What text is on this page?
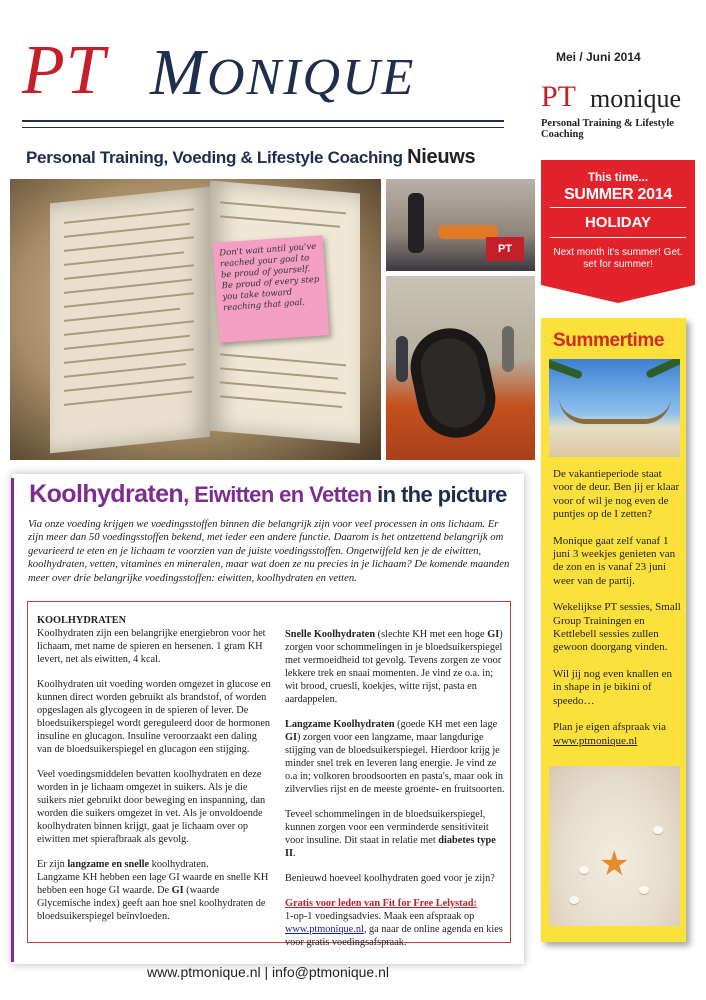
PT MONIQUE	Mei / Juni 2014
PT monique
Personal Training & Lifestyle Coaching
Personal Training, Voeding & Lifestyle Coaching Nieuws
Don't wait until you've reached your goal to be proud of yourself. Be proud of every step you take toward reaching that goal.
PT
This time...
SUMMER 2014
HOLIDAY
Next month it's summer! Get. set for summer!
Summertime

De vakantieperiode staat voor de deur. Ben jij er klaar voor of wil je nog even de puntjes op de I zetten?

Monique gaat zelf vanaf 1 juni 3 weekjes genieten van de zon en is vanaf 23 juni weer van de partij.

Wekelijkse PT sessies, Small Group Trainingen en Kettlebell sessies zullen gewoon doorgang vinden.

Wil jij nog even knallen en in shape in je bikini of speedo…

Plan je eigen afspraak via
www.ptmonique.nl

★
Koolhydraten, Eiwitten en Vetten in the picture
Via onze voeding krijgen we voedingsstoffen binnen die belangrijk zijn voor veel processen in ons lichaam. Er zijn meer dan 50 voedingsstoffen bekend, met ieder een andere functie. Daarom is het ontzettend belangrijk om gevarieerd te eten en je lichaam te voorzien van de juiste voedingsstoffen. Ongetwijfeld ken je de eiwitten, koolhydraten, vetten, vitamines en mineralen, maar wat doen ze nu precies in je lichaam? De komende maanden meer over drie belangrijke voedingsstoffen: eiwitten, koolhydraten en vetten.
KOOLHYDRATEN

Koolhydraten zijn een belangrijke energiebron voor het lichaam, met name de spieren en hersenen. 1 gram KH levert, net als eiwitten, 4 kcal.

Koolhydraten uit voeding worden omgezet in glucose en kunnen direct worden gebruikt als brandstof, of worden opgeslagen als glycogeen in de spieren of lever. De bloedsuikerspiegel wordt gereguleerd door de hormonen insuline en glucagon. Insuline veroorzaakt een daling van de bloedsuikerspiegel en glucagon een stijging.

Veel voedingsmiddelen bevatten koolhydraten en deze worden in je lichaam omgezet in suikers. Als je die suikers niet gebruikt door beweging en inspanning, dan worden die suikers omgezet in vet. Als je onvoldoende koolhydraten binnen krijgt, gaat je lichaam over op eiwitten met spierafbraak als gevolg.

Er zijn langzame en snelle koolhydraten.
Langzame KH hebben een lage GI waarde en snelle KH hebben een hoge GI waarde. De GI (waarde Glycemische index) geeft aan hoe snel koolhydraten de bloedsuikerspiegel beïnvloeden.

Snelle Koolhydraten (slechte KH met een hoge GI) zorgen voor schommelingen in je bloedsuikerspiegel met vermoeidheid tot gevolg. Tevens zorgen ze voor lekkere trek en snaai momenten. Je vind ze o.a. in; wit brood, cruesli, koekjes, witte rijst, pasta en aardappelen.

Langzame Koolhydraten (goede KH met een lage GI) zorgen voor een langzame, maar langdurige stijging van de bloedsuikerspiegel. Hierdoor krijg je minder snel trek en leveren lang energie. Je vind ze o.a in; volkoren broodsoorten en pasta's, maar ook in zilvervlies rijst en de meeste groente- en fruitsoorten.

Teveel schommelingen in de bloedsuikerspiegel, kunnen zorgen voor een verminderde sensitiviteit voor insuline. Dit staat in relatie met diabetes type II.

Benieuwd hoeveel koolhydraten goed voor je zijn?

Gratis voor leden van Fit for Free Lelystad:
1-op-1 voedingsadvies. Maak een afspraak op www.ptmonique.nl, ga naar de online agenda en kies voor gratis voedingsafspraak.

www.ptmonique.nl | info@ptmonique.nl
